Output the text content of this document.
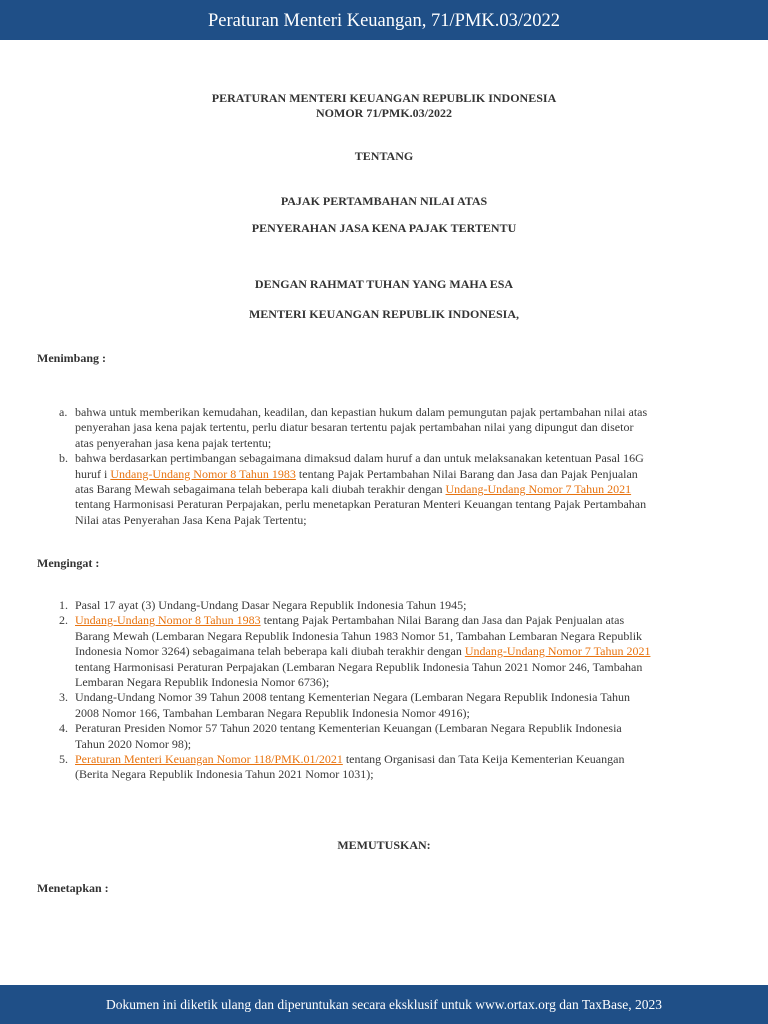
Peraturan Menteri Keuangan, 71/PMK.03/2022
PERATURAN MENTERI KEUANGAN REPUBLIK INDONESIA
NOMOR 71/PMK.03/2022
TENTANG
PAJAK PERTAMBAHAN NILAI ATAS
PENYERAHAN JASA KENA PAJAK TERTENTU
DENGAN RAHMAT TUHAN YANG MAHA ESA
MENTERI KEUANGAN REPUBLIK INDONESIA,
Menimbang :
a. bahwa untuk memberikan kemudahan, keadilan, dan kepastian hukum dalam pemungutan pajak pertambahan nilai atas
penyerahan jasa kena pajak tertentu, perlu diatur besaran tertentu pajak pertambahan nilai yang dipungut dan disetor
atas penyerahan jasa kena pajak tertentu;
b. bahwa berdasarkan pertimbangan sebagaimana dimaksud dalam huruf a dan untuk melaksanakan ketentuan Pasal 16G
huruf i Undang-Undang Nomor 8 Tahun 1983 tentang Pajak Pertambahan Nilai Barang dan Jasa dan Pajak Penjualan
atas Barang Mewah sebagaimana telah beberapa kali diubah terakhir dengan Undang-Undang Nomor 7 Tahun 2021
tentang Harmonisasi Peraturan Perpajakan, perlu menetapkan Peraturan Menteri Keuangan tentang Pajak Pertambahan
Nilai atas Penyerahan Jasa Kena Pajak Tertentu;
Mengingat :
1. Pasal 17 ayat (3) Undang-Undang Dasar Negara Republik Indonesia Tahun 1945;
2. Undang-Undang Nomor 8 Tahun 1983 tentang Pajak Pertambahan Nilai Barang dan Jasa dan Pajak Penjualan atas
Barang Mewah (Lembaran Negara Republik Indonesia Tahun 1983 Nomor 51, Tambahan Lembaran Negara Republik
Indonesia Nomor 3264) sebagaimana telah beberapa kali diubah terakhir dengan Undang-Undang Nomor 7 Tahun 2021
tentang Harmonisasi Peraturan Perpajakan (Lembaran Negara Republik Indonesia Tahun 2021 Nomor 246, Tambahan
Lembaran Negara Republik Indonesia Nomor 6736);
3. Undang-Undang Nomor 39 Tahun 2008 tentang Kementerian Negara (Lembaran Negara Republik Indonesia Tahun
2008 Nomor 166, Tambahan Lembaran Negara Republik Indonesia Nomor 4916);
4. Peraturan Presiden Nomor 57 Tahun 2020 tentang Kementerian Keuangan (Lembaran Negara Republik Indonesia
Tahun 2020 Nomor 98);
5. Peraturan Menteri Keuangan Nomor 118/PMK.01/2021 tentang Organisasi dan Tata Keija Kementerian Keuangan
(Berita Negara Republik Indonesia Tahun 2021 Nomor 1031);
MEMUTUSKAN:
Menetapkan :
Dokumen ini diketik ulang dan diperuntukan secara eksklusif untuk www.ortax.org dan TaxBase, 2023
